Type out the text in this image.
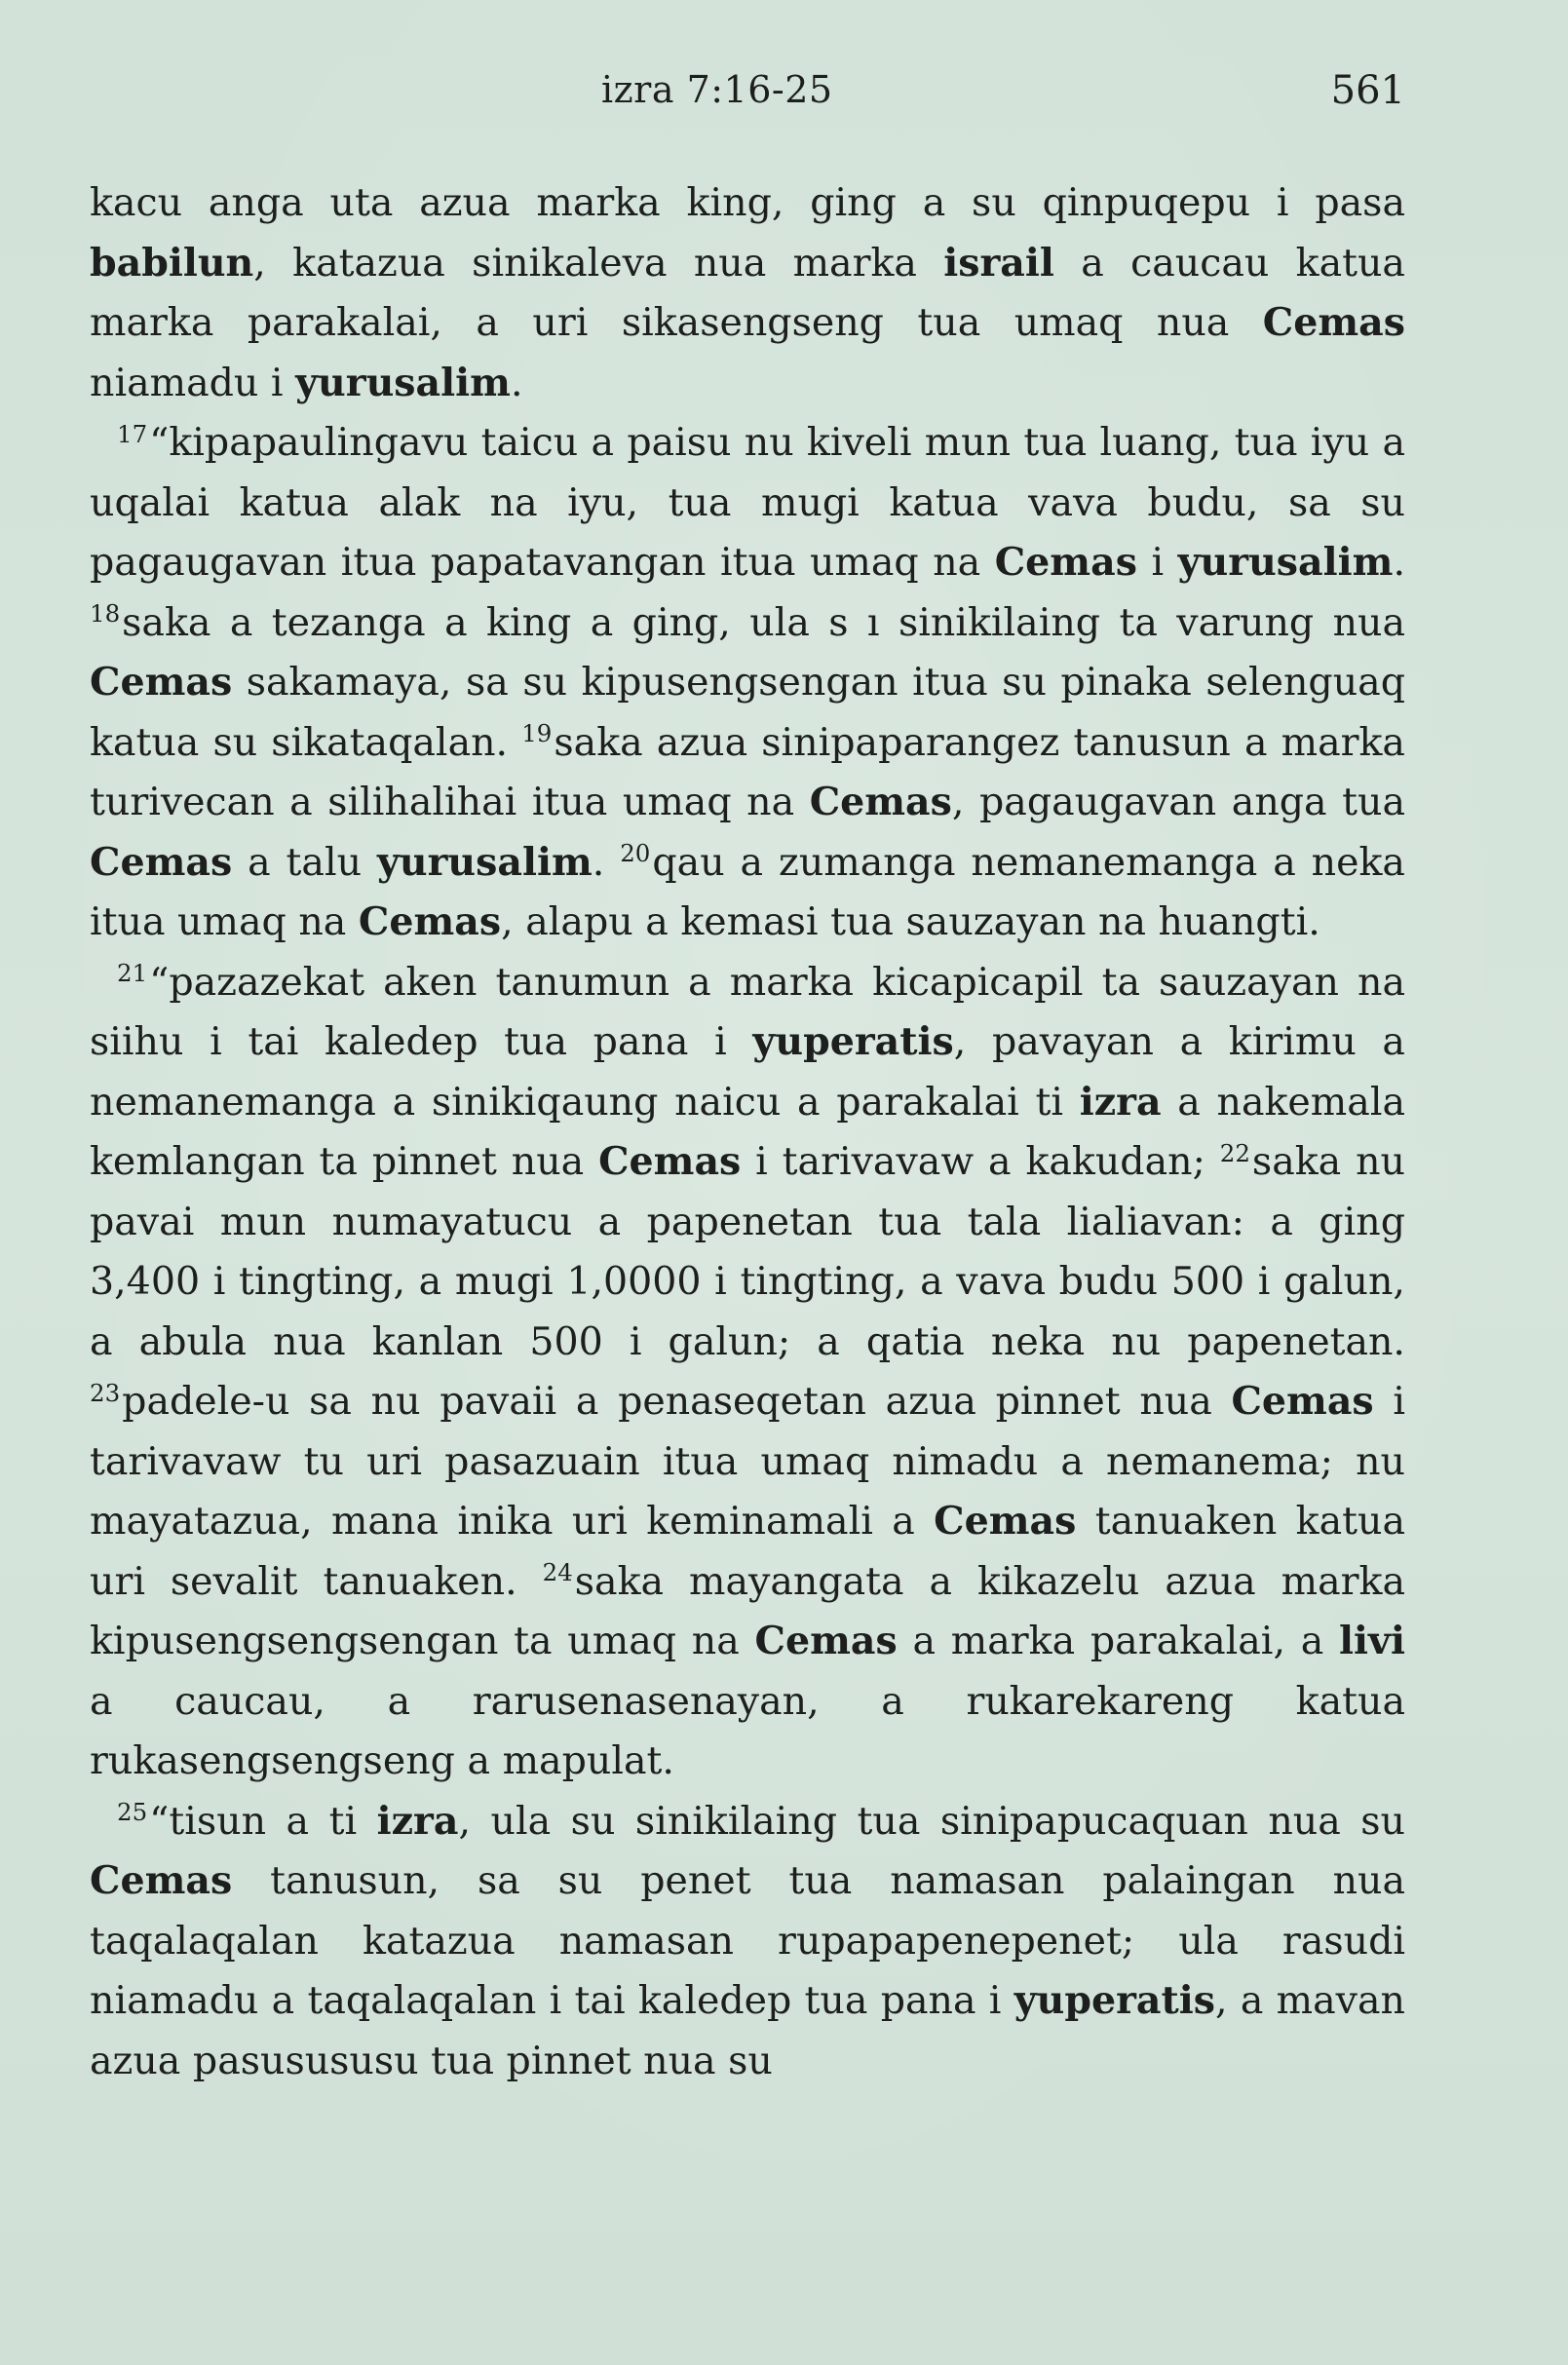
izra 7:16-25	561

kacu anga uta azua marka king, ging a su qinpuqepu i pasa babilun, katazua sinikaleva nua marka israil a caucau katua marka parakalai, a uri sikasengseng tua umaq nua Cemas niamadu i yurusalim.

$^{17}$“kipapaulingavu taicu a paisu nu kiveli mun tua luang, tua iyu a uqalai katua alak na iyu, tua mugi katua vava budu, sa su pagaugavan itua papatavangan itua umaq na Cemas i yurusalim. $^{18}$saka a tezanga a king a ging, ula s ı sinikilaing ta varung nua Cemas sakamaya, sa su kipusengsengan itua su pinaka selenguaq katua su sikataqalan. $^{19}$saka azua sinipaparangez tanusun a marka turivecan a silihalihai itua umaq na Cemas, pagaugavan anga tua Cemas a talu yurusalim. $^{20}$qau a zumanga nemanemanga a neka itua umaq na Cemas, alapu a kemasi tua sauzayan na huangti.

$^{21}$“pazazekat aken tanumun a marka kicapicapil ta sauzayan na siihu i tai kaledep tua pana i yuperatis, pavayan a kirimu a nemanemanga a sinikiqaung naicu a parakalai ti izra a nakemala kemlangan ta pinnet nua Cemas i tarivavaw a kakudan; $^{22}$saka nu pavai mun numayatucu a papenetan tua tala lialiavan: a ging 3,400 i tingting, a mugi 1,0000 i tingting, a vava budu 500 i galun, a abula nua kanlan 500 i galun; a qatia neka nu papenetan. $^{23}$padele-u sa nu pavaii a penaseqetan azua pinnet nua Cemas i tarivavaw tu uri pasazuain itua umaq nimadu a nemanema; nu mayatazua, mana inika uri keminamali a Cemas tanuaken katua uri sevalit tanuaken. $^{24}$saka mayangata a kikazelu azua marka kipusengsengsengan ta umaq na Cemas a marka parakalai, a livi a caucau, a rarusenasenayan, a rukarekareng katua rukasengsengseng a mapulat.

$^{25}$“tisun a ti izra, ula su sinikilaing tua sinipapucaquan nua su Cemas tanusun, sa su penet tua namasan palaingan nua taqalaqalan katazua namasan rupapapenepenet; ula rasudi niamadu a taqalaqalan i tai kaledep tua pana i yuperatis, a mavan azua pasusususu tua pinnet nua su
